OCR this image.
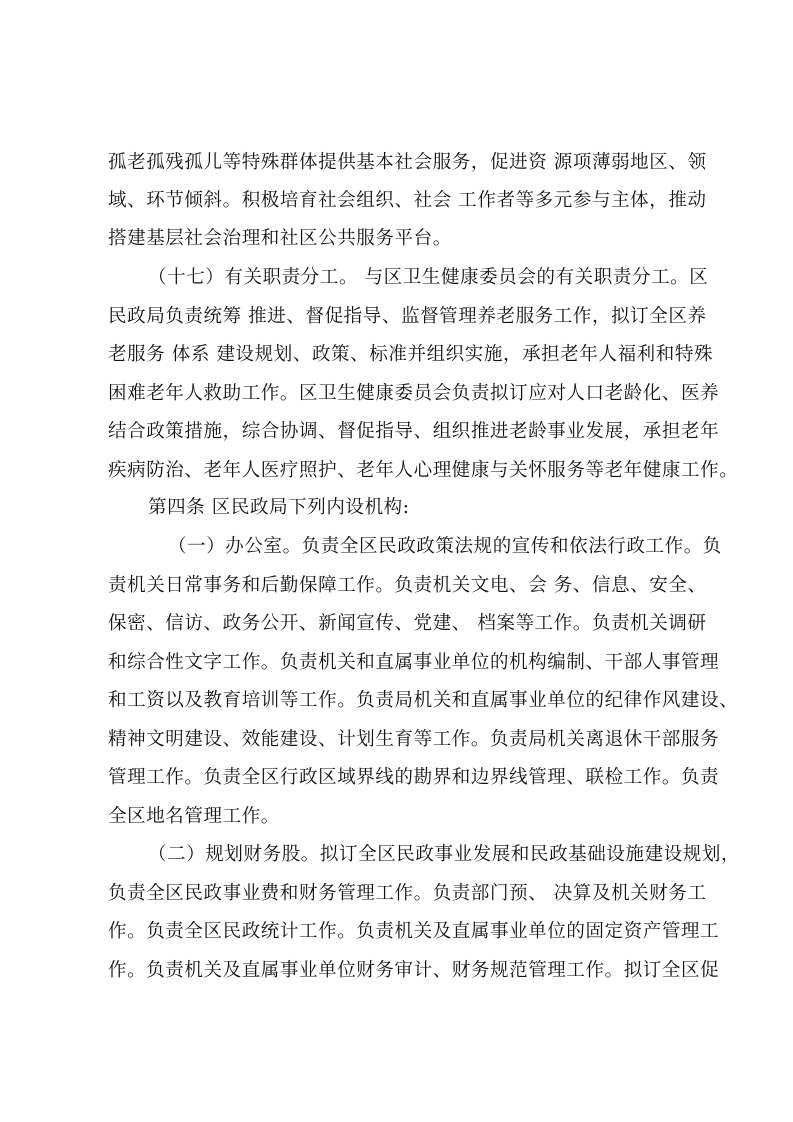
孤老孤残孤儿等特殊群体提供基本社会服务，促进资 源项薄弱地区、领
域、环节倾斜。积极培育社会组织、社会 工作者等多元参与主体，推动
搭建基层社会治理和社区公共服务平台。
（十七）有关职责分工。 与区卫生健康委员会的有关职责分工。区
民政局负责统筹 推进、督促指导、监督管理养老服务工作，拟订全区养
老服务 体系 建设规划、政策、标准并组织实施，承担老年人福利和特殊
困难老年人救助工作。区卫生健康委员会负责拟订应对人口老龄化、医养
结合政策措施，综合协调、督促指导、组织推进老龄事业发展，承担老年
疾病防治、老年人医疗照护、老年人心理健康与关怀服务等老年健康工作。
第四条 区民政局下列内设机构:
（一）办公室。负责全区民政政策法规的宣传和依法行政工作。负
责机关日常事务和后勤保障工作。负责机关文电、会 务、信息、安全、
保密、信访、政务公开、新闻宣传、党建、 档案等工作。负责机关调研
和综合性文字工作。负责机关和直属事业单位的机构编制、干部人事管理
和工资以及教育培训等工作。负责局机关和直属事业单位的纪律作风建设、
精神文明建设、效能建设、计划生育等工作。负责局机关离退休干部服务
管理工作。负责全区行政区域界线的勘界和边界线管理、联检工作。负责
全区地名管理工作。
（二）规划财务股。拟订全区民政事业发展和民政基础设施建设规划，
负责全区民政事业费和财务管理工作。负责部门预、 决算及机关财务工
作。负责全区民政统计工作。负责机关及直属事业单位的固定资产管理工
作。负责机关及直属事业单位财务审计、财务规范管理工作。拟订全区促
